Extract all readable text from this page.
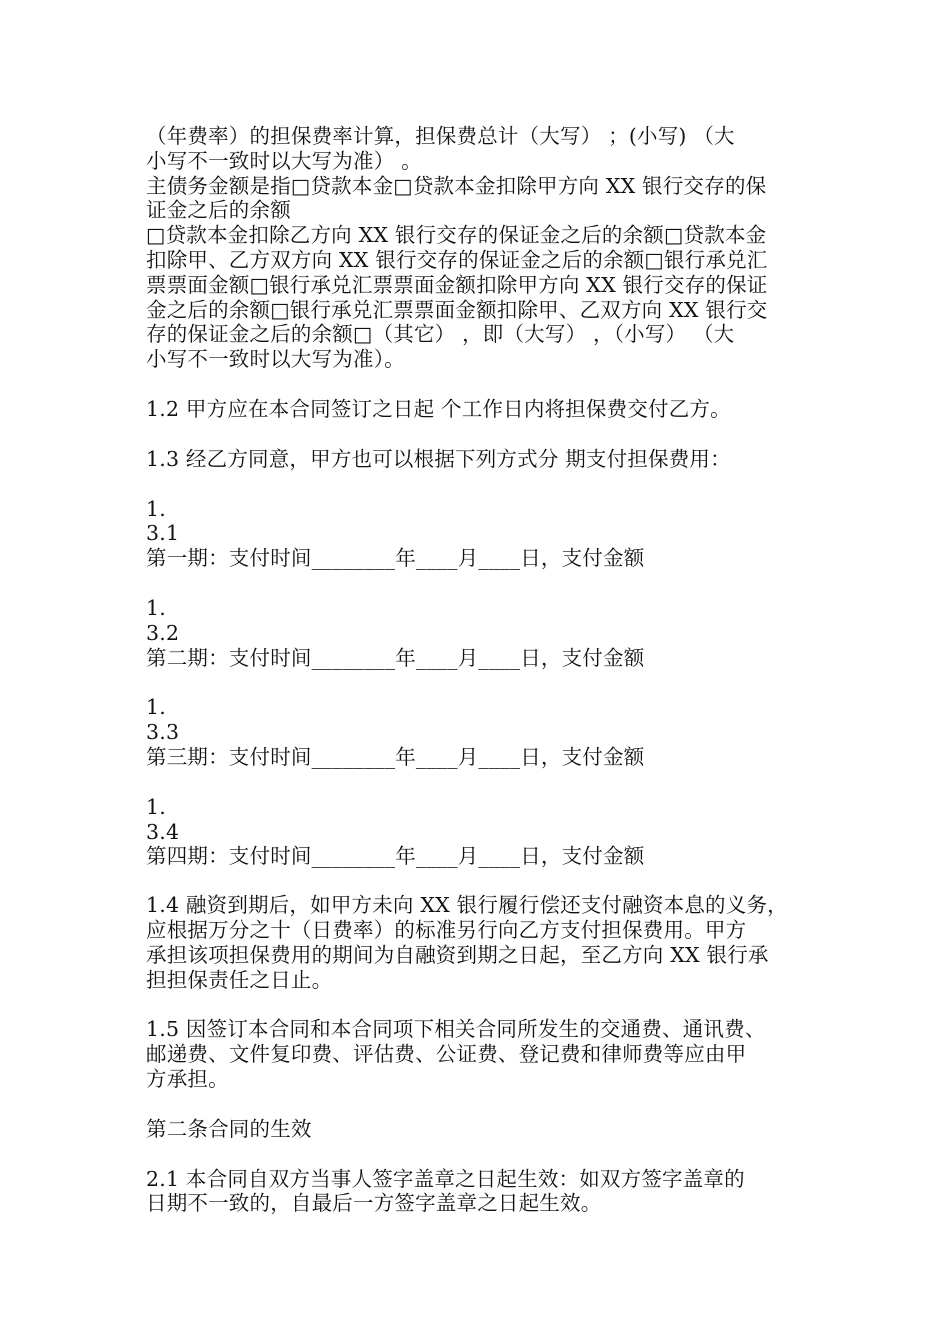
（年费率）的担保费率计算，担保费总计（大写） ；(小写) （大
小写不一致时以大写为准） 。
主债务金额是指□贷款本金□贷款本金扣除甲方向 XX 银行交存的保
证金之后的余额
□贷款本金扣除乙方向 XX 银行交存的保证金之后的余额□贷款本金
扣除甲、乙方双方向 XX 银行交存的保证金之后的余额□银行承兑汇
票票面金额□银行承兑汇票票面金额扣除甲方向 XX 银行交存的保证
金之后的余额□银行承兑汇票票面金额扣除甲、乙双方向 XX 银行交
存的保证金之后的余额□（其它） ，即（大写） ，（小写） （大
小写不一致时以大写为准）。
1.2 甲方应在本合同签订之日起 个工作日内将担保费交付乙方。
1.3 经乙方同意，甲方也可以根据下列方式分 期支付担保费用：
1.
3.1
第一期：支付时间________年____月____日，支付金额
1.
3.2
第二期：支付时间________年____月____日，支付金额
1.
3.3
第三期：支付时间________年____月____日，支付金额
1.
3.4
第四期：支付时间________年____月____日，支付金额
1.4 融资到期后，如甲方未向 XX 银行履行偿还支付融资本息的义务，
应根据万分之十（日费率）的标准另行向乙方支付担保费用。甲方
承担该项担保费用的期间为自融资到期之日起，至乙方向 XX 银行承
担担保责任之日止。
1.5 因签订本合同和本合同项下相关合同所发生的交通费、通讯费、
邮递费、文件复印费、评估费、公证费、登记费和律师费等应由甲
方承担。
第二条合同的生效
2.1 本合同自双方当事人签字盖章之日起生效：如双方签字盖章的
日期不一致的，自最后一方签字盖章之日起生效。
